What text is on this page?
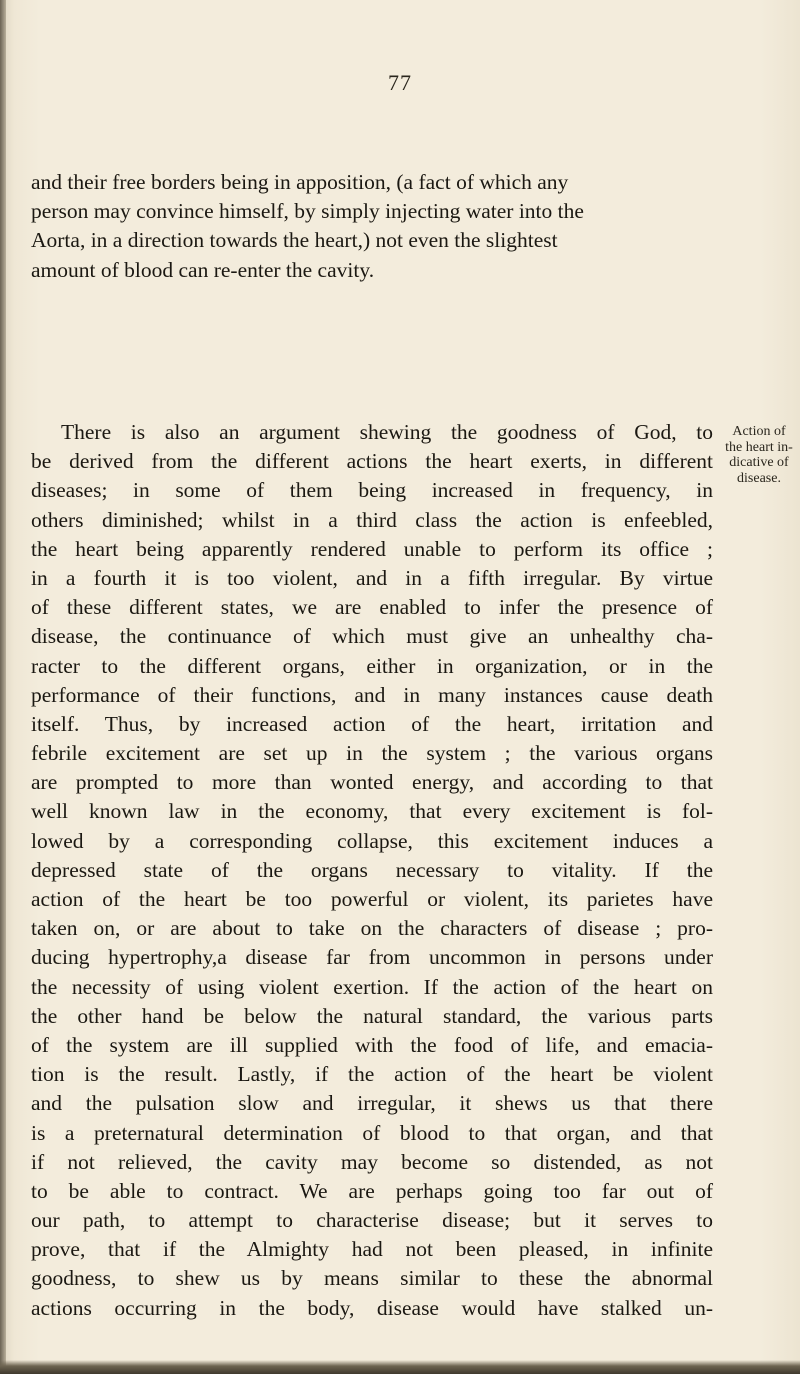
77
and their free borders being in apposition, (a fact of which any
person may convince himself, by simply injecting water into the
Aorta, in a direction towards the heart,) not even the slightest
amount of blood can re-enter the cavity.
Action of
the heart in-
dicative of
disease.
There is also an argument shewing the goodness of God, to
be derived from the different actions the heart exerts, in different
diseases; in some of them being increased in frequency, in
others diminished; whilst in a third class the action is enfeebled,
the heart being apparently rendered unable to perform its office ;
in a fourth it is too violent, and in a fifth irregular. By virtue
of these different states, we are enabled to infer the presence of
disease, the continuance of which must give an unhealthy cha-
racter to the different organs, either in organization, or in the
performance of their functions, and in many instances cause death
itself. Thus, by increased action of the heart, irritation and
febrile excitement are set up in the system ; the various organs
are prompted to more than wonted energy, and according to that
well known law in the economy, that every excitement is fol-
lowed by a corresponding collapse, this excitement induces a
depressed state of the organs necessary to vitality. If the
action of the heart be too powerful or violent, its parietes have
taken on, or are about to take on the characters of disease ; pro-
ducing hypertrophy,a disease far from uncommon in persons under
the necessity of using violent exertion. If the action of the heart on
the other hand be below the natural standard, the various parts
of the system are ill supplied with the food of life, and emacia-
tion is the result. Lastly, if the action of the heart be violent
and the pulsation slow and irregular, it shews us that there
is a preternatural determination of blood to that organ, and that
if not relieved, the cavity may become so distended, as not
to be able to contract. We are perhaps going too far out of
our path, to attempt to characterise disease; but it serves to
prove, that if the Almighty had not been pleased, in infinite
goodness, to shew us by means similar to these the abnormal
actions occurring in the body, disease would have stalked un-
